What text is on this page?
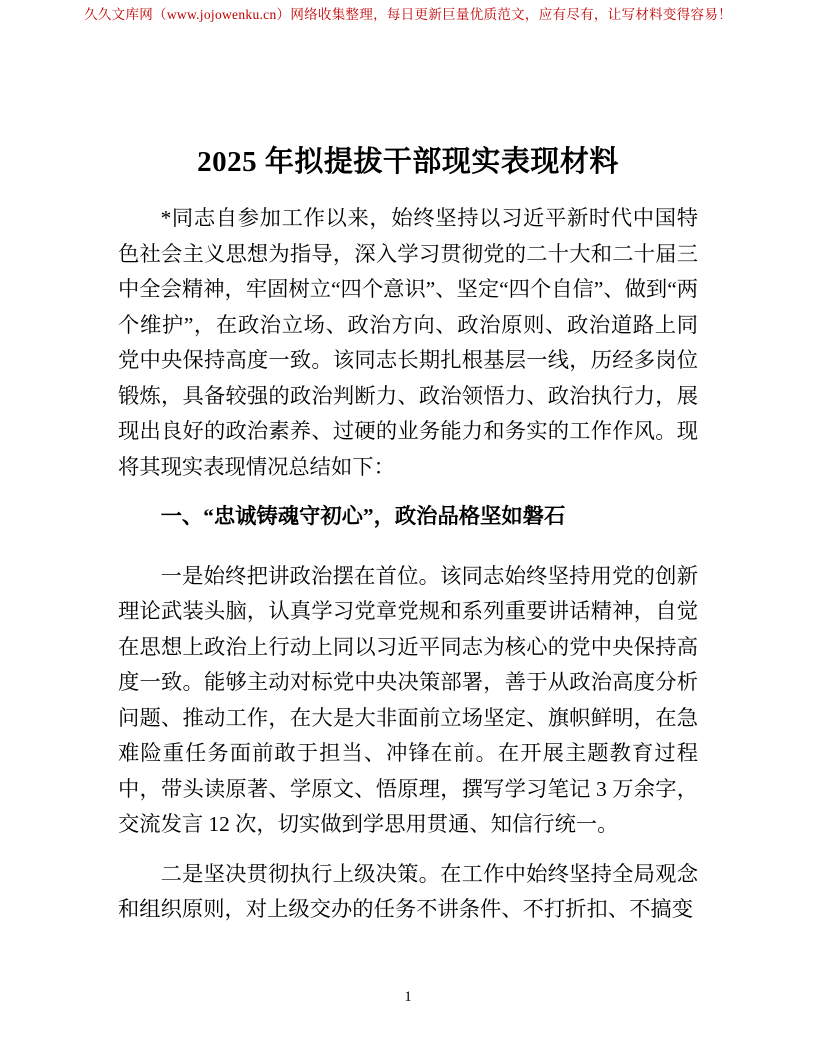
久久文库网（www.jojowenku.cn）网络收集整理，每日更新巨量优质范文，应有尽有，让写材料变得容易！
2025 年拟提拔干部现实表现材料

*同志自参加工作以来，始终坚持以习近平新时代中国特色社会主义思想为指导，深入学习贯彻党的二十大和二十届三中全会精神，牢固树立“四个意识”、坚定“四个自信”、做到“两个维护”，在政治立场、政治方向、政治原则、政治道路上同党中央保持高度一致。该同志长期扎根基层一线，历经多岗位锻炼，具备较强的政治判断力、政治领悟力、政治执行力，展现出良好的政治素养、过硬的业务能力和务实的工作作风。现将其现实表现情况总结如下：

一、“忠诚铸魂守初心”，政治品格坚如磐石

一是始终把讲政治摆在首位。该同志始终坚持用党的创新理论武装头脑，认真学习党章党规和系列重要讲话精神，自觉在思想上政治上行动上同以习近平同志为核心的党中央保持高度一致。能够主动对标党中央决策部署，善于从政治高度分析问题、推动工作，在大是大非面前立场坚定、旗帜鲜明，在急难险重任务面前敢于担当、冲锋在前。在开展主题教育过程中，带头读原著、学原文、悟原理，撰写学习笔记 3 万余字，交流发言 12 次，切实做到学思用贯通、知信行统一。

二是坚决贯彻执行上级决策。在工作中始终坚持全局观念和组织原则，对上级交办的任务不讲条件、不打折扣、不搞变

1
